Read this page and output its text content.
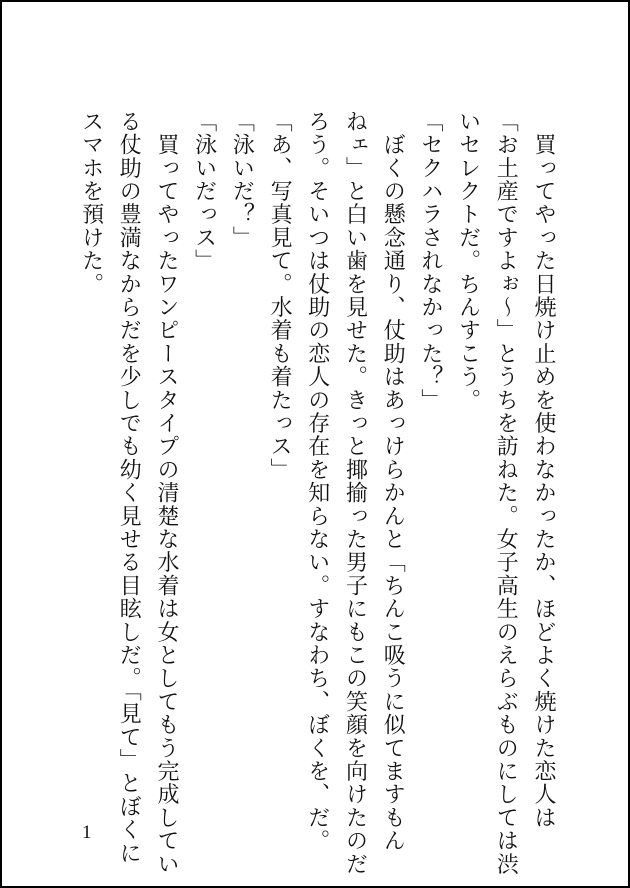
　買ってやった日焼け止めを使わなかったか、ほどよく焼けた恋人は

「お土産ですよぉ～」とうちを訪ねた。女子高生のえらぶものにしては渋

いセレクトだ。ちんすこう。

「セクハラされなかった？」

　ぼくの懸念通り、仗助はあっけらかんと「ちんこ吸うに似てますもん

ねェ」と白い歯を見せた。きっと揶揄った男子にもこの笑顔を向けたのだ

ろう。そいつは仗助の恋人の存在を知らない。すなわち、ぼくを、だ。

「あ、写真見て。水着も着たっス」

「泳いだ？」

「泳いだっス」

　買ってやったワンピースタイプの清楚な水着は女としてもう完成してい

る仗助の豊満なからだを少しでも幼く見せる目眩しだ。「見て」とぼくに

スマホを預けた。

1
